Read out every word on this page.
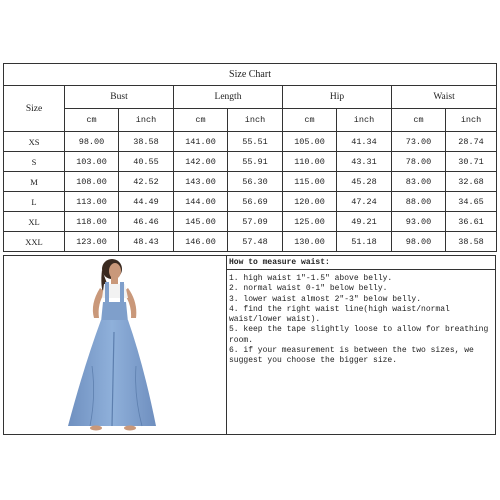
Size Chart								
Size	Bust		Length		Hip		Waist	
	cm	inch	cm	inch	cm	inch	cm	inch
XS	98.00	38.58	141.00	55.51	105.00	41.34	73.00	28.74
S	103.00	40.55	142.00	55.91	110.00	43.31	78.00	30.71
M	108.00	42.52	143.00	56.30	115.00	45.28	83.00	32.68
L	113.00	44.49	144.00	56.69	120.00	47.24	88.00	34.65
XL	118.00	46.46	145.00	57.09	125.00	49.21	93.00	36.61
XXL	123.00	48.43	146.00	57.48	130.00	51.18	98.00	38.58
How to measure waist:
1. high waist 1"-1.5" above belly.
2. normal waist 0-1" below belly.
3. lower waist almost 2"-3" below belly.
4. find the right waist line(high waist/normal waist/lower waist).
5. keep the tape slightly loose to allow for breathing room.
6. if your measurement is between the two sizes, we suggest you choose the bigger size.
